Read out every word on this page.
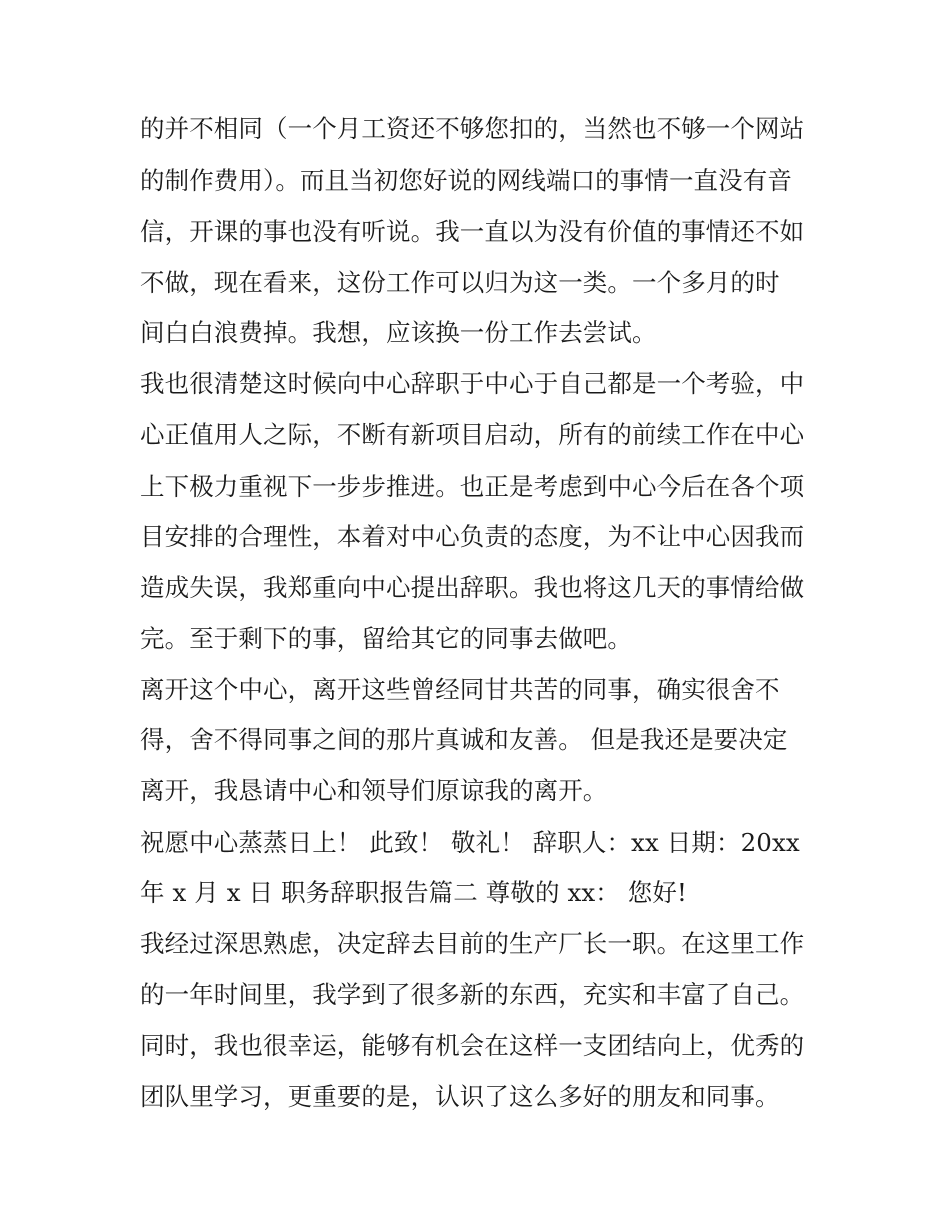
的并不相同（一个月工资还不够您扣的，当然也不够一个网站
的制作费用）。而且当初您好说的网线端口的事情一直没有音
信，开课的事也没有听说。我一直以为没有价值的事情还不如
不做，现在看来，这份工作可以归为这一类。一个多月的时
间白白浪费掉。我想，应该换一份工作去尝试。
我也很清楚这时候向中心辞职于中心于自己都是一个考验，中
心正值用人之际，不断有新项目启动，所有的前续工作在中心
上下极力重视下一步步推进。也正是考虑到中心今后在各个项
目安排的合理性，本着对中心负责的态度，为不让中心因我而
造成失误，我郑重向中心提出辞职。我也将这几天的事情给做
完。至于剩下的事，留给其它的同事去做吧。
离开这个中心，离开这些曾经同甘共苦的同事，确实很舍不
得，舍不得同事之间的那片真诚和友善。 但是我还是要决定
离开，我恳请中心和领导们原谅我的离开。
祝愿中心蒸蒸日上！ 此致！ 敬礼！ 辞职人：xx 日期：20xx
年 x 月 x 日 职务辞职报告篇二 尊敬的 xx： 您好!
我经过深思熟虑，决定辞去目前的生产厂长一职。在这里工作
的一年时间里，我学到了很多新的东西，充实和丰富了自己。
同时，我也很幸运，能够有机会在这样一支团结向上，优秀的
团队里学习，更重要的是，认识了这么多好的朋友和同事。
